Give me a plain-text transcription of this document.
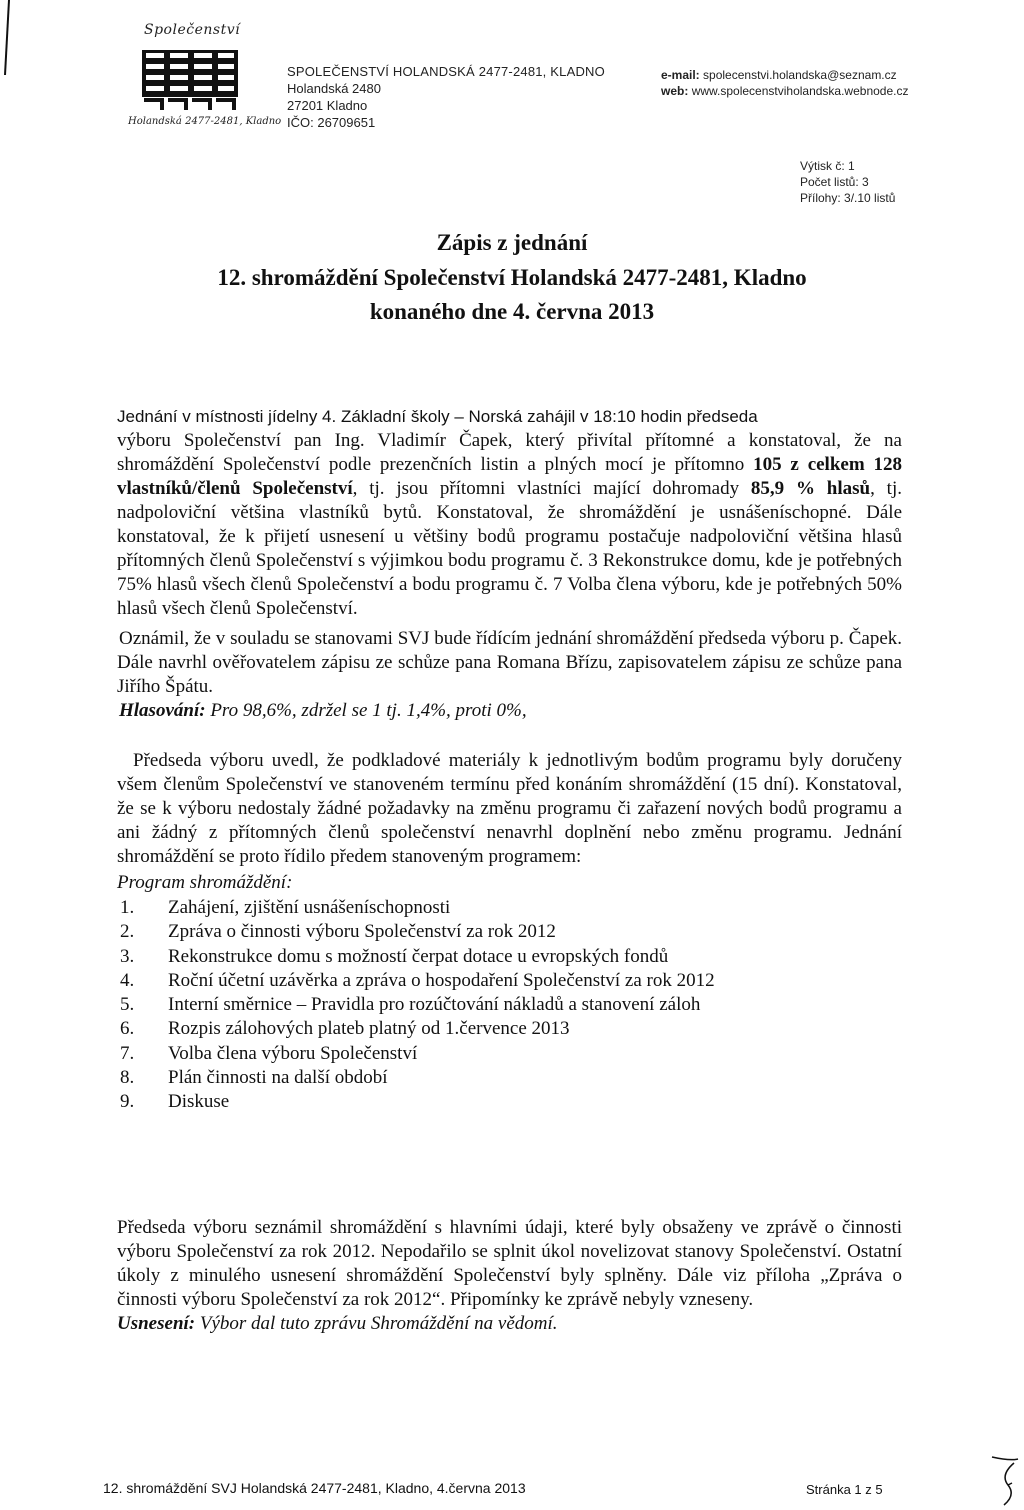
Společenství
Holandská 2477-2481, Kladno
SPOLEČENSTVÍ HOLANDSKÁ 2477-2481, KLADNO
Holandská 2480
27201 Kladno
IČO: 26709651
e-mail: spolecenstvi.holandska@seznam.cz
web: www.spolecenstviholandska.webnode.cz
Výtisk č: 1
Počet listů: 3
Přílohy: 3/.10 listů
Zápis z jednání
12. shromáždění Společenství Holandská 2477-2481, Kladno
konaného dne 4. června 2013

Jednání v místnosti jídelny 4. Základní školy – Norská zahájil v 18:10 hodin předseda

výboru Společenství pan Ing. Vladimír Čapek, který přivítal přítomné a konstatoval, že na shromáždění Společenství podle prezenčních listin a plných mocí je přítomno 105 z celkem 128 vlastníků/členů Společenství, tj. jsou přítomni vlastníci mající dohromady 85,9 % hlasů, tj. nadpoloviční většina vlastníků bytů. Konstatoval, že shromáždění je usnášeníschopné. Dále konstatoval, že k přijetí usnesení u většiny bodů programu postačuje nadpoloviční většina hlasů přítomných členů Společenství s výjimkou bodu programu č. 3 Rekonstrukce domu, kde je potřebných 75% hlasů všech členů Společenství a bodu programu č. 7 Volba člena výboru, kde je potřebných 50% hlasů všech členů Společenství.

Oznámil, že v souladu se stanovami SVJ bude řídícím jednání shromáždění předseda výboru p. Čapek. Dále navrhl ověřovatelem zápisu ze schůze pana Romana Břízu, zapisovatelem zápisu ze schůze pana Jiřího Špátu.

Hlasování: Pro 98,6%, zdržel se 1 tj. 1,4%, proti 0%,

Předseda výboru uvedl, že podkladové materiály k jednotlivým bodům programu byly doručeny všem členům Společenství ve stanoveném termínu před konáním shromáždění (15 dní). Konstatoval, že se k výboru nedostaly žádné požadavky na změnu programu či zařazení nových bodů programu a ani žádný z přítomných členů společenství nenavrhl doplnění nebo změnu programu. Jednání shromáždění se proto řídilo předem stanoveným programem:

Program shromáždění:
1.	Zahájení, zjištění usnášeníschopnosti
2.	Zpráva o činnosti výboru Společenství za rok 2012
3.	Rekonstrukce domu s možností čerpat dotace u evropských fondů
4.	Roční účetní uzávěrka a zpráva o hospodaření Společenství za rok 2012
5.	Interní směrnice – Pravidla pro rozúčtování nákladů a stanovení záloh
6.	Rozpis zálohových plateb platný od 1.července 2013
7.	Volba člena výboru Společenství
8.	Plán činnosti na další období
9.	Diskuse

Předseda výboru seznámil shromáždění s hlavními údaji, které byly obsaženy ve zprávě o činnosti výboru Společenství za rok 2012. Nepodařilo se splnit úkol novelizovat stanovy Společenství. Ostatní úkoly z minulého usnesení shromáždění Společenství byly splněny. Dále viz příloha „Zpráva o činnosti výboru Společenství za rok 2012“. Připomínky ke zprávě nebyly vzneseny.

Usnesení: Výbor dal tuto zprávu Shromáždění na vědomí.

12. shromáždění SVJ Holandská 2477-2481, Kladno, 4.června 2013	Stránka 1 z 5
